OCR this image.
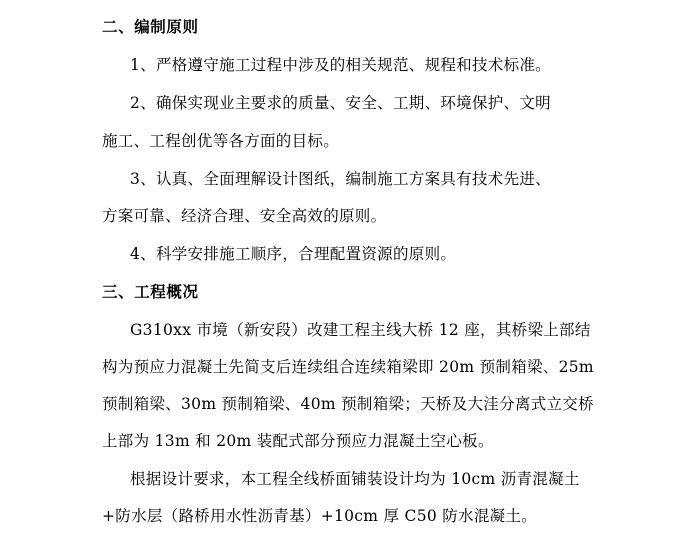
二、编制原则
1、严格遵守施工过程中涉及的相关规范、规程和技术标准。
2、确保实现业主要求的质量、安全、工期、环境保护、文明
施工、工程创优等各方面的目标。
3、认真、全面理解设计图纸，编制施工方案具有技术先进、
方案可靠、经济合理、安全高效的原则。
4、科学安排施工顺序，合理配置资源的原则。
三、工程概况
G310xx 市境（新安段）改建工程主线大桥 12 座，其桥梁上部结
构为预应力混凝土先简支后连续组合连续箱梁即 20m 预制箱梁、25m
预制箱梁、30m 预制箱梁、40m 预制箱梁；天桥及大洼分离式立交桥
上部为 13m 和 20m 装配式部分预应力混凝土空心板。
根据设计要求，本工程全线桥面铺装设计均为 10cm 沥青混凝土
+防水层（路桥用水性沥青基）+10cm 厚 C50 防水混凝土。
